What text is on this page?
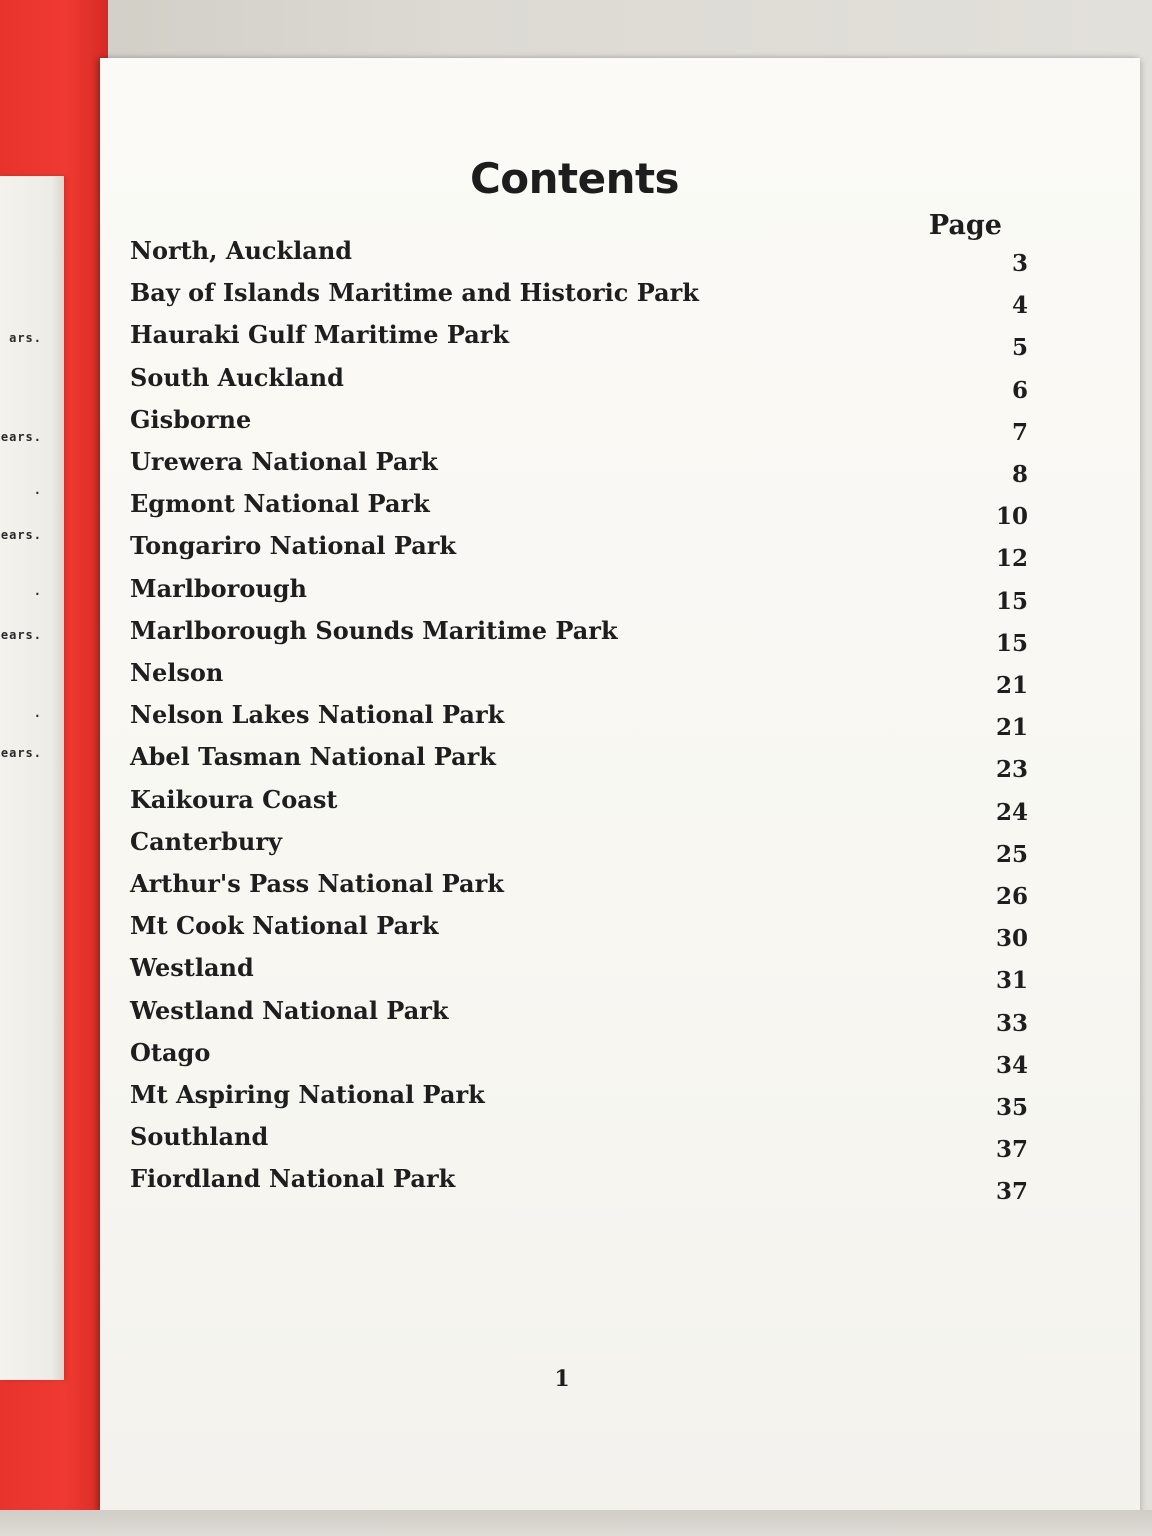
ars.
ears.
.
ears.
.
ears.
.
ears.
Contents
Page
North, Auckland	3
Bay of Islands Maritime and Historic Park	4
Hauraki Gulf Maritime Park	5
South Auckland	6
Gisborne	7
Urewera National Park	8
Egmont National Park	10
Tongariro National Park	12
Marlborough	15
Marlborough Sounds Maritime Park	15
Nelson	21
Nelson Lakes National Park	21
Abel Tasman National Park	23
Kaikoura Coast	24
Canterbury	25
Arthur's Pass National Park	26
Mt Cook National Park	30
Westland	31
Westland National Park	33
Otago	34
Mt Aspiring National Park	35
Southland	37
Fiordland National Park	37
1
